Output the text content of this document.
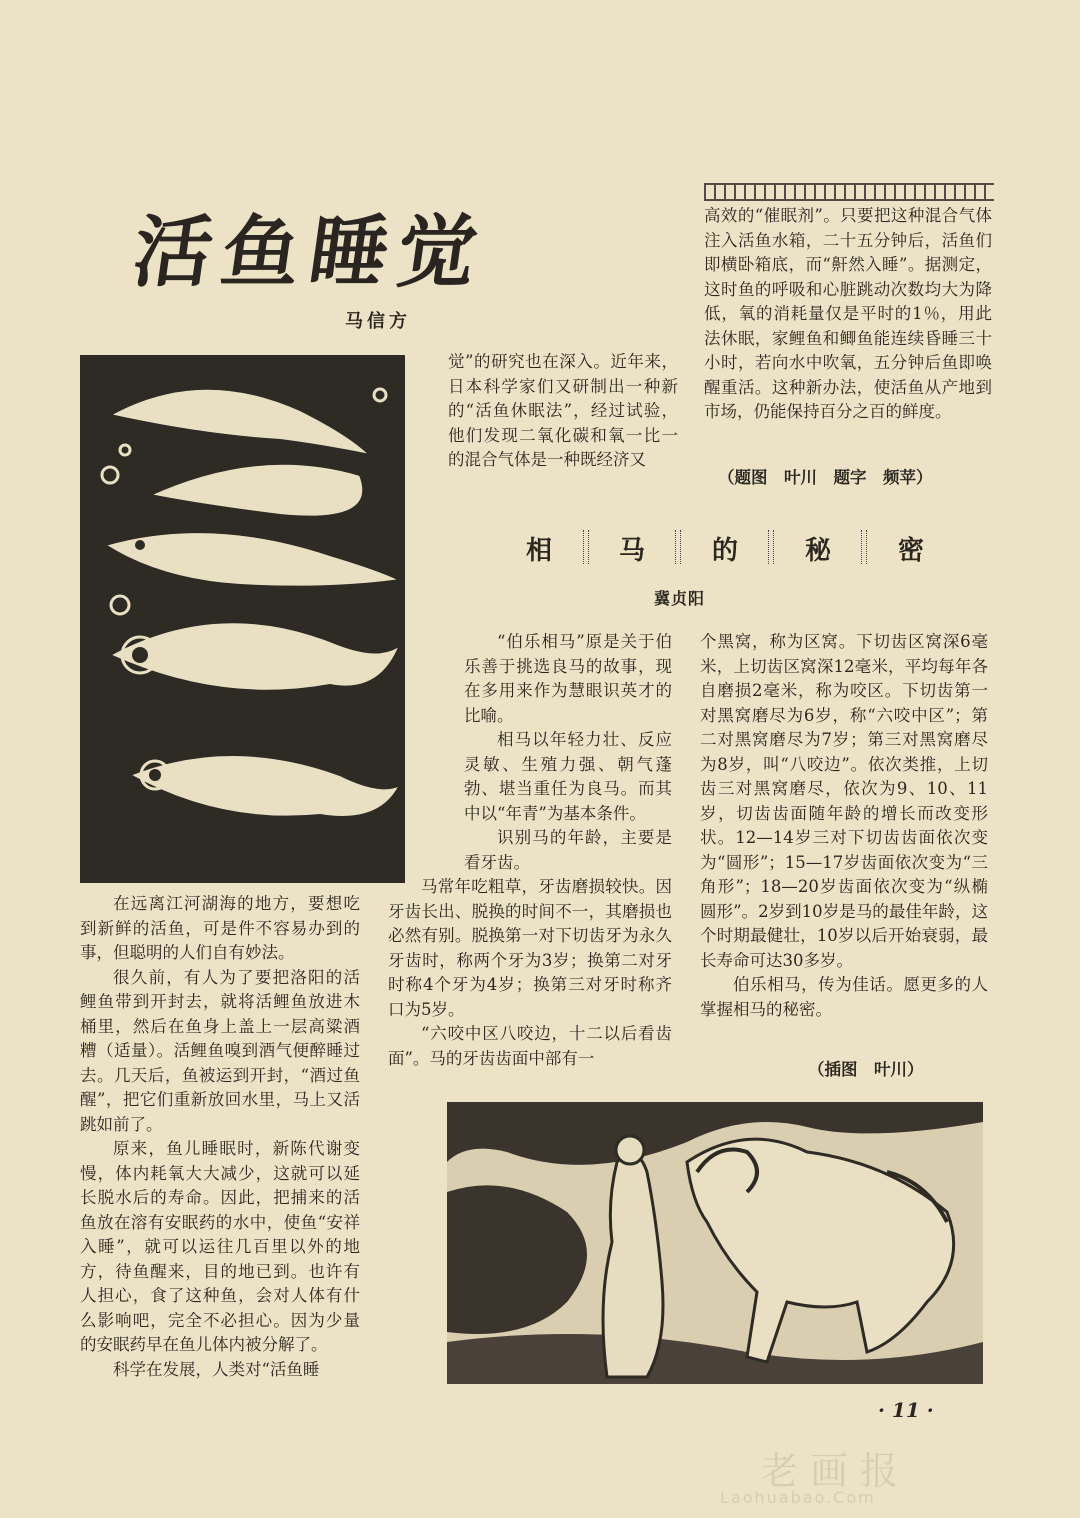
活鱼睡觉
马信方

在远离江河湖海的地方，要想吃到新鲜的活鱼，可是件不容易办到的事，但聪明的人们自有妙法。

很久前，有人为了要把洛阳的活鲤鱼带到开封去，就将活鲤鱼放进木桶里，然后在鱼身上盖上一层高粱酒糟（适量）。活鲤鱼嗅到酒气便醉睡过去。几天后，鱼被运到开封，“酒过鱼醒”，把它们重新放回水里，马上又活跳如前了。

原来，鱼儿睡眠时，新陈代谢变慢，体内耗氧大大减少，这就可以延长脱水后的寿命。因此，把捕来的活鱼放在溶有安眠药的水中，使鱼“安祥入睡”，就可以运往几百里以外的地方，待鱼醒来，目的地已到。也许有人担心，食了这种鱼，会对人体有什么影响吧，完全不必担心。因为少量的安眠药早在鱼儿体内被分解了。

科学在发展，人类对“活鱼睡

觉”的研究也在深入。近年来，日本科学家们又研制出一种新的“活鱼休眠法”，经过试验，他们发现二氧化碳和氧一比一的混合气体是一种既经济又

高效的“催眠剂”。只要把这种混合气体注入活鱼水箱，二十五分钟后，活鱼们即横卧箱底，而“鼾然入睡”。据测定，这时鱼的呼吸和心脏跳动次数均大为降低，氧的消耗量仅是平时的1％，用此法休眠，家鲤鱼和鲫鱼能连续昏睡三十小时，若向水中吹氧，五分钟后鱼即唤醒重活。这种新办法，使活鱼从产地到市场，仍能保持百分之百的鲜度。

（题图　叶川　题字　频苹）
相	马	的	秘	密
冀贞阳

“伯乐相马”原是关于伯乐善于挑选良马的故事，现在多用来作为慧眼识英才的比喻。

相马以年轻力壮、反应灵敏、生殖力强、朝气蓬勃、堪当重任为良马。而其中以“年青”为基本条件。

识别马的年龄，主要是看牙齿。

马常年吃粗草，牙齿磨损较快。因牙齿长出、脱换的时间不一，其磨损也必然有别。脱换第一对下切齿牙为永久牙齿时，称两个牙为3岁；换第二对牙时称4个牙为4岁；换第三对牙时称齐口为5岁。

“六咬中区八咬边，十二以后看齿面”。马的牙齿齿面中部有一

个黑窝，称为区窝。下切齿区窝深6毫米，上切齿区窝深12毫米，平均每年各自磨损2毫米，称为咬区。下切齿第一对黑窝磨尽为6岁，称“六咬中区”；第二对黑窝磨尽为7岁；第三对黑窝磨尽为8岁，叫“八咬边”。依次类推，上切齿三对黑窝磨尽，依次为9、10、11岁，切齿齿面随年龄的增长而改变形状。12—14岁三对下切齿齿面依次变为“圆形”；15—17岁齿面依次变为“三角形”；18—20岁齿面依次变为“纵椭圆形”。2岁到10岁是马的最佳年龄，这个时期最健壮，10岁以后开始衰弱，最长寿命可达30多岁。

伯乐相马，传为佳话。愿更多的人掌握相马的秘密。

（插图　叶川）
· 11 ·
老画报
Laohuabao.Com
